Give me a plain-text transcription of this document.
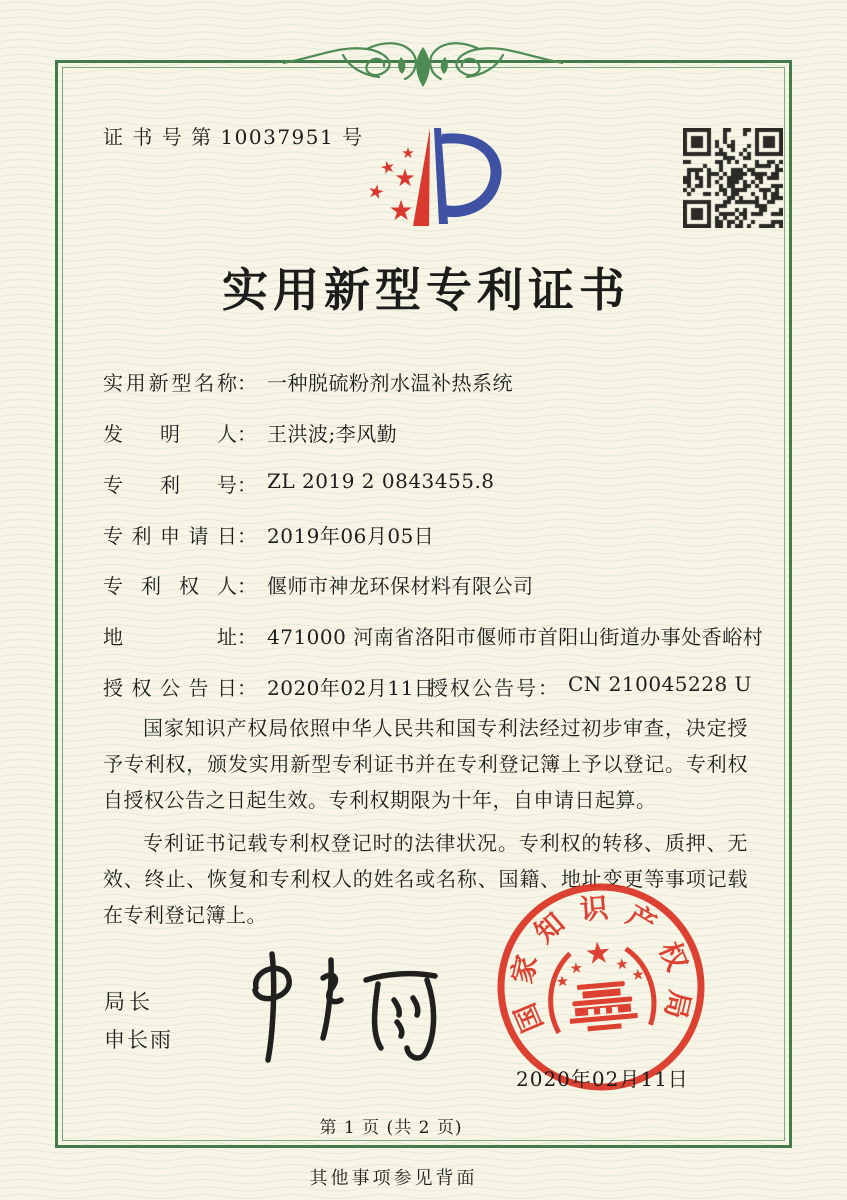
证 书 号 第 10037951 号
★
★
★
★
★
实用新型专利证书
实用新型名称： 一种脱硫粉剂水温补热系统
发明人： 王洪波;李风勤
专利号： ZL 2019 2 0843455.8
专利申请日： 2019年06月05日
专利权人： 偃师市神龙环保材料有限公司
地址： 471000 河南省洛阳市偃师市首阳山街道办事处香峪村
授权公告日： 2020年02月11日
授权公告号： CN 210045228 U

国家知识产权局依照中华人民共和国专利法经过初步审查，决定授予专利权，颁发实用新型专利证书并在专利登记簿上予以登记。专利权自授权公告之日起生效。专利权期限为十年，自申请日起算。

专利证书记载专利权登记时的法律状况。专利权的转移、质押、无效、终止、恢复和专利权人的姓名或名称、国籍、地址变更等事项记载在专利登记簿上。

局长
申长雨
国
家
知 识 产
权
局
★
★
★
★
★
2020年02月11日
第 1 页 (共 2 页)
其他事项参见背面
